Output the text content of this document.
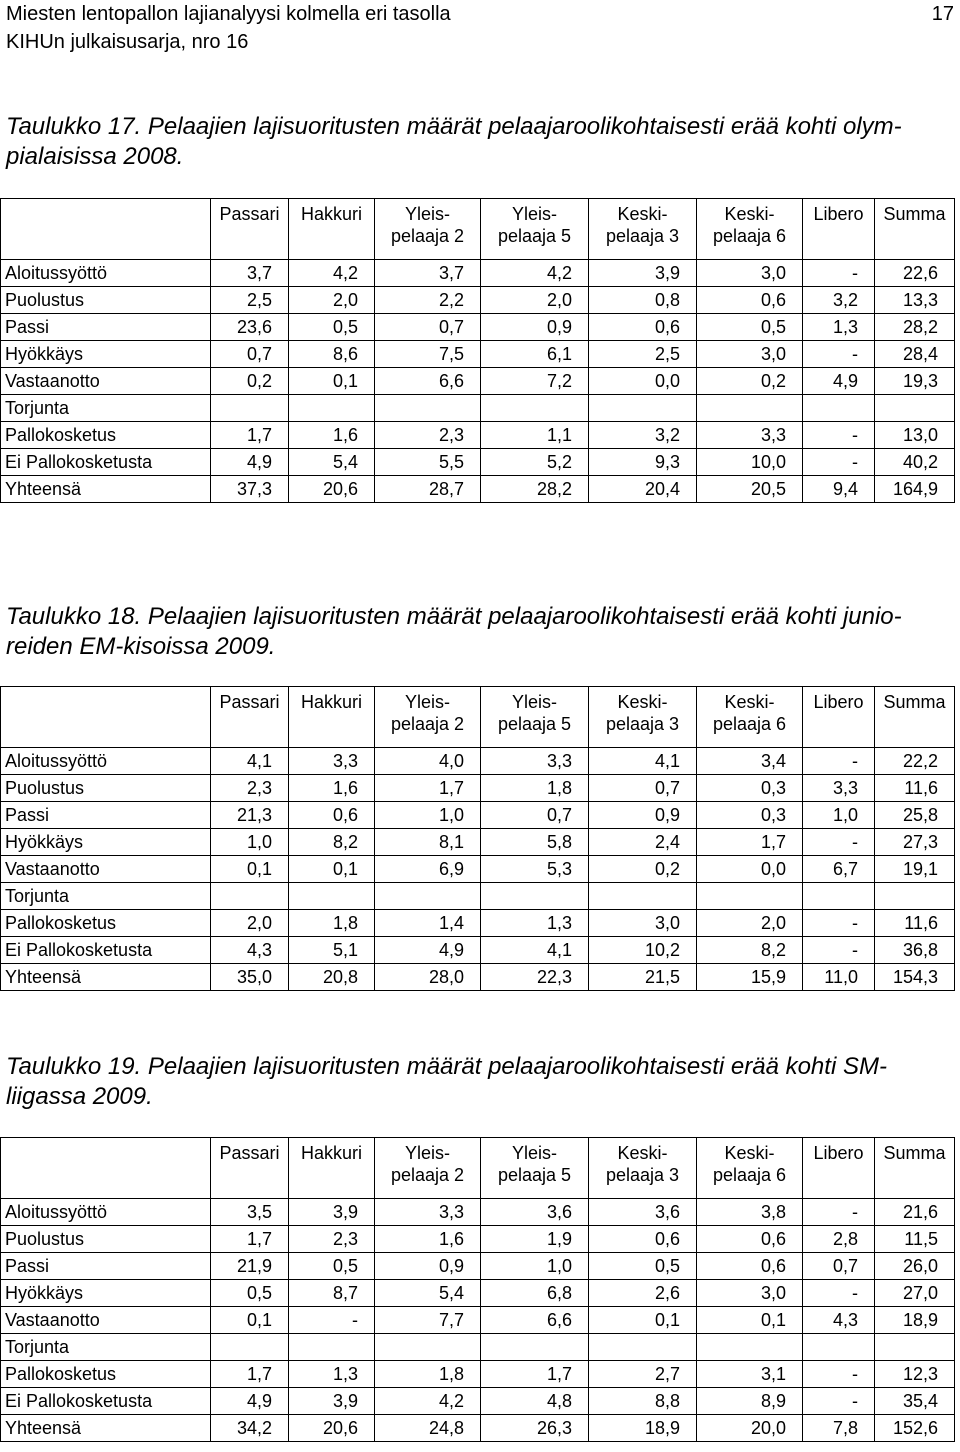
Miesten lentopallon lajianalyysi kolmella eri tasolla
KIHUn julkaisusarja, nro 16
17
Taulukko 17. Pelaajien lajisuoritusten määrät pelaajaroolikohtaisesti erää kohti olym-
pialaisissa 2008.

	Passari	Hakkuri	Yleis-
pelaaja 2	Yleis-
pelaaja 5	Keski-
pelaaja 3	Keski-
pelaaja 6	Libero	Summa

Aloitussyöttö	3,7	4,2	3,7	4,2	3,9	3,0	-	22,6
Puolustus	2,5	2,0	2,2	2,0	0,8	0,6	3,2	13,3
Passi	23,6	0,5	0,7	0,9	0,6	0,5	1,3	28,2
Hyökkäys	0,7	8,6	7,5	6,1	2,5	3,0	-	28,4
Vastaanotto	0,2	0,1	6,6	7,2	0,0	0,2	4,9	19,3
Torjunta								
Pallokosketus	1,7	1,6	2,3	1,1	3,2	3,3	-	13,0
Ei Pallokosketusta	4,9	5,4	5,5	5,2	9,3	10,0	-	40,2
Yhteensä	37,3	20,6	28,7	28,2	20,4	20,5	9,4	164,9
Taulukko 18. Pelaajien lajisuoritusten määrät pelaajaroolikohtaisesti erää kohti junio-
reiden EM-kisoissa 2009.

	Passari	Hakkuri	Yleis-
pelaaja 2	Yleis-
pelaaja 5	Keski-
pelaaja 3	Keski-
pelaaja 6	Libero	Summa

Aloitussyöttö	4,1	3,3	4,0	3,3	4,1	3,4	-	22,2
Puolustus	2,3	1,6	1,7	1,8	0,7	0,3	3,3	11,6
Passi	21,3	0,6	1,0	0,7	0,9	0,3	1,0	25,8
Hyökkäys	1,0	8,2	8,1	5,8	2,4	1,7	-	27,3
Vastaanotto	0,1	0,1	6,9	5,3	0,2	0,0	6,7	19,1
Torjunta								
Pallokosketus	2,0	1,8	1,4	1,3	3,0	2,0	-	11,6
Ei Pallokosketusta	4,3	5,1	4,9	4,1	10,2	8,2	-	36,8
Yhteensä	35,0	20,8	28,0	22,3	21,5	15,9	11,0	154,3
Taulukko 19. Pelaajien lajisuoritusten määrät pelaajaroolikohtaisesti erää kohti SM-
liigassa 2009.

	Passari	Hakkuri	Yleis-
pelaaja 2	Yleis-
pelaaja 5	Keski-
pelaaja 3	Keski-
pelaaja 6	Libero	Summa

Aloitussyöttö	3,5	3,9	3,3	3,6	3,6	3,8	-	21,6
Puolustus	1,7	2,3	1,6	1,9	0,6	0,6	2,8	11,5
Passi	21,9	0,5	0,9	1,0	0,5	0,6	0,7	26,0
Hyökkäys	0,5	8,7	5,4	6,8	2,6	3,0	-	27,0
Vastaanotto	0,1	-	7,7	6,6	0,1	0,1	4,3	18,9
Torjunta								
Pallokosketus	1,7	1,3	1,8	1,7	2,7	3,1	-	12,3
Ei Pallokosketusta	4,9	3,9	4,2	4,8	8,8	8,9	-	35,4
Yhteensä	34,2	20,6	24,8	26,3	18,9	20,0	7,8	152,6
